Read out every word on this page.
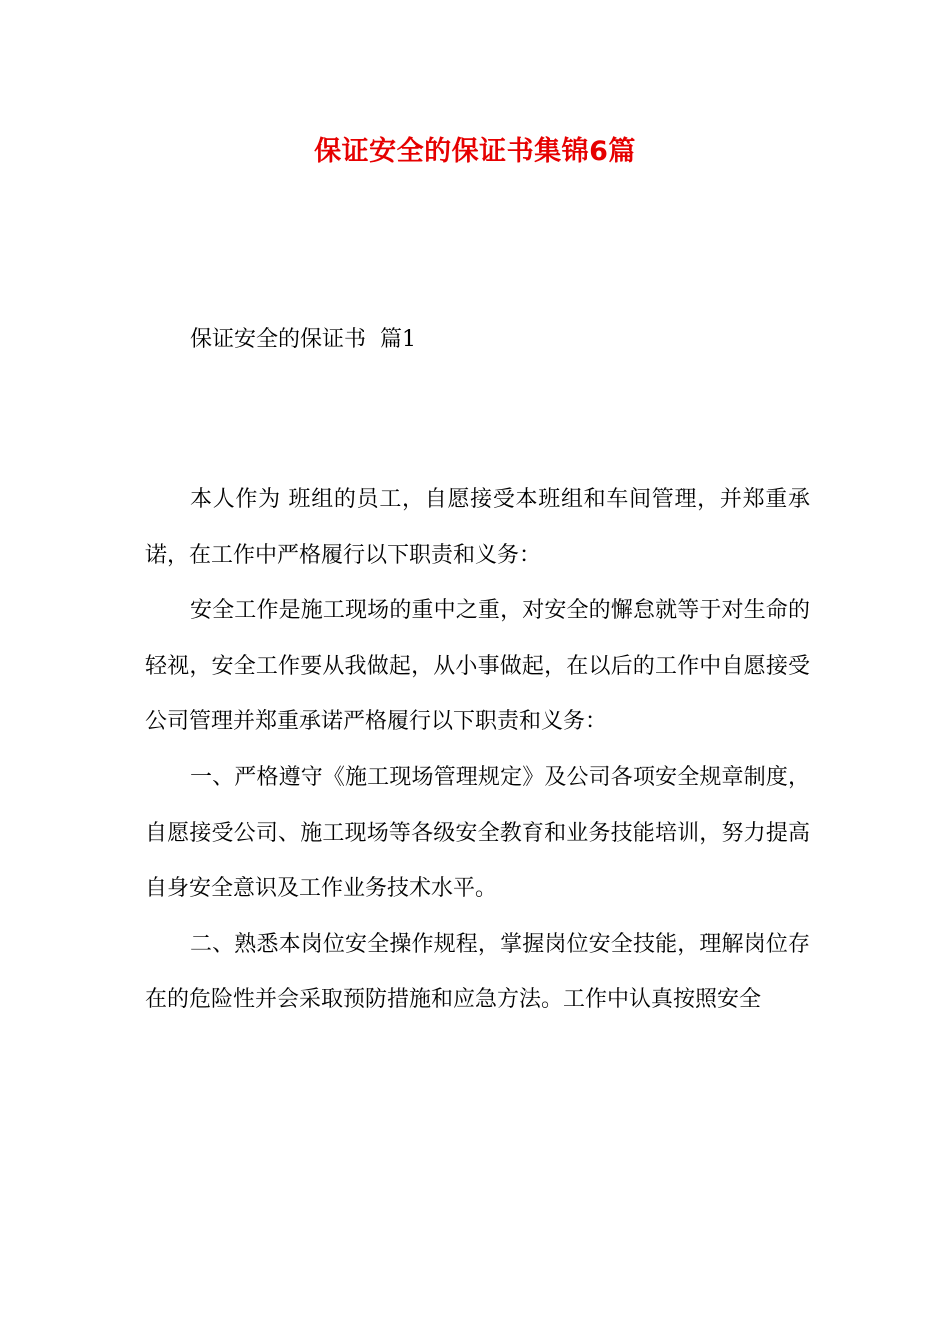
保证安全的保证书集锦6篇
保证安全的保证书  篇1

本人作为 班组的员工，自愿接受本班组和车间管理，并郑重承诺，在工作中严格履行以下职责和义务：

安全工作是施工现场的重中之重，对安全的懈怠就等于对生命的轻视，安全工作要从我做起，从小事做起，在以后的工作中自愿接受公司管理并郑重承诺严格履行以下职责和义务：

一、严格遵守《施工现场管理规定》及公司各项安全规章制度，自愿接受公司、施工现场等各级安全教育和业务技能培训，努力提高自身安全意识及工作业务技术水平。

二、熟悉本岗位安全操作规程，掌握岗位安全技能，理解岗位存在的危险性并会采取预防措施和应急方法。工作中认真按照安全
